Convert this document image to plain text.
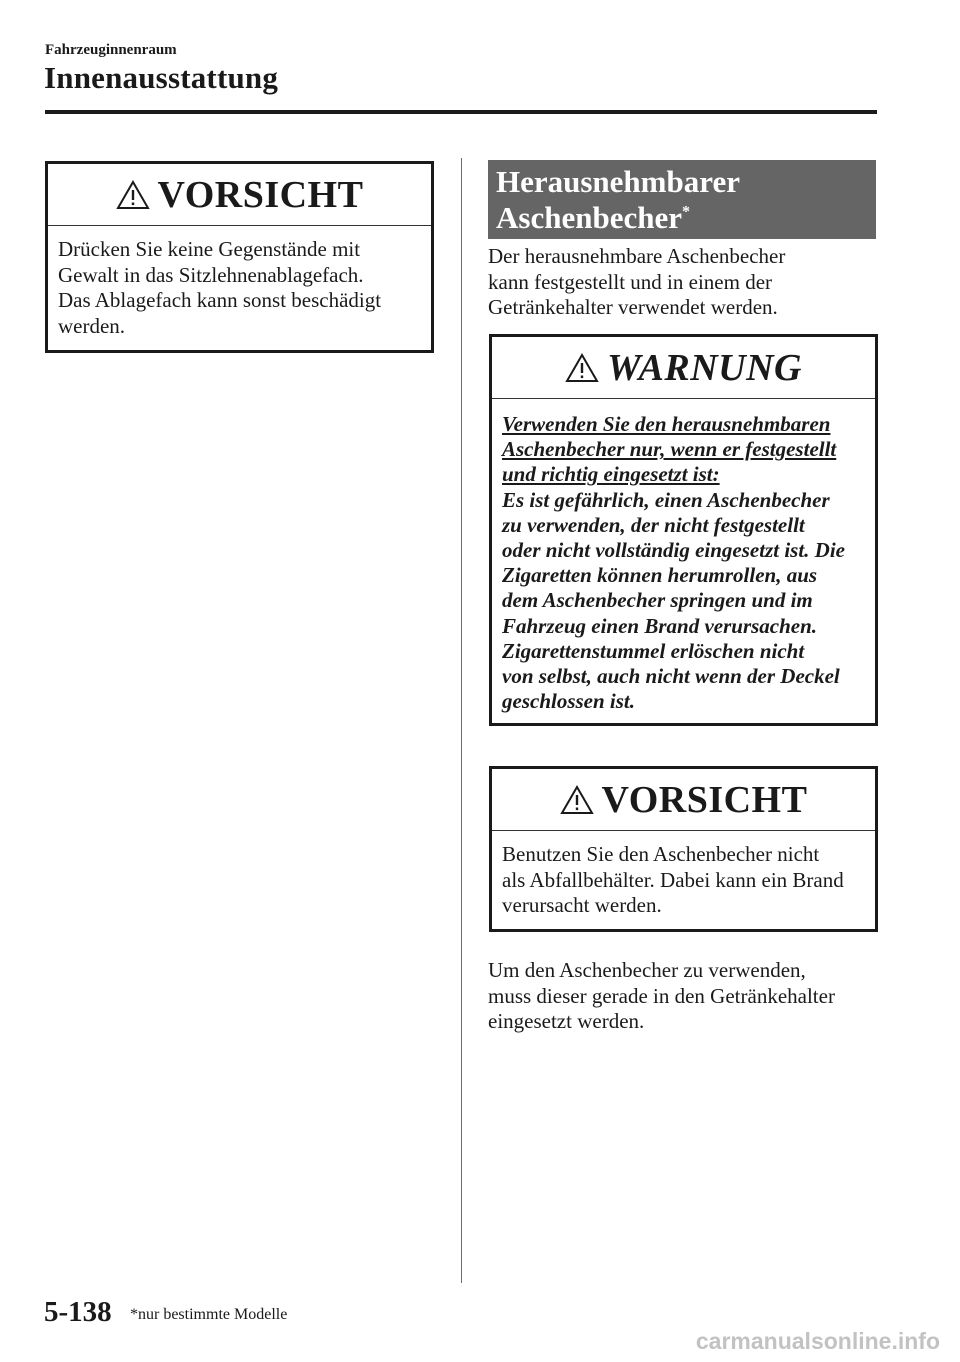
Fahrzeuginnenraum
Innenausstattung
VORSICHT
Drücken Sie keine Gegenstände mit
Gewalt in das Sitzlehnenablagefach.
Das Ablagefach kann sonst beschädigt
werden.
Herausnehmbarer
Aschenbecher*
Der herausnehmbare Aschenbecher
kann festgestellt und in einem der
Getränkehalter verwendet werden.
WARNUNG
Verwenden Sie den herausnehmbaren
Aschenbecher nur, wenn er festgestellt
und richtig eingesetzt ist:
Es ist gefährlich, einen Aschenbecher
zu verwenden, der nicht festgestellt
oder nicht vollständig eingesetzt ist. Die
Zigaretten können herumrollen, aus
dem Aschenbecher springen und im
Fahrzeug einen Brand verursachen.
Zigarettenstummel erlöschen nicht
von selbst, auch nicht wenn der Deckel
geschlossen ist.
VORSICHT
Benutzen Sie den Aschenbecher nicht
als Abfallbehälter. Dabei kann ein Brand
verursacht werden.
Um den Aschenbecher zu verwenden,
muss dieser gerade in den Getränkehalter
eingesetzt werden.
5-138 *nur bestimmte Modelle
carmanualsonline.info
